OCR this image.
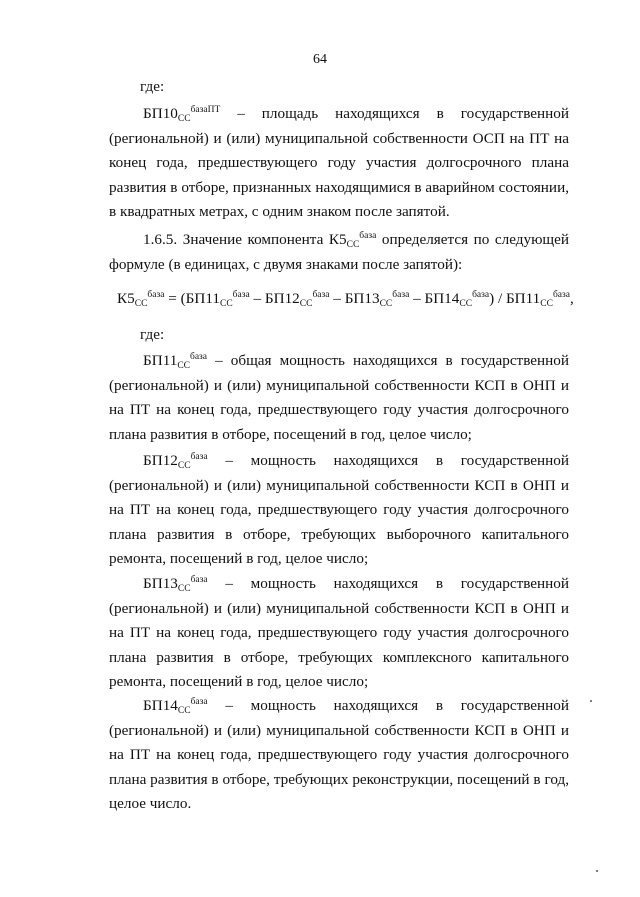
64
где:

$БП10_{СС}^{базаПТ}$ – площадь находящихся в государственной (региональной) и (или) муниципальной собственности ОСП на ПТ на конец года, предшествующего году участия долгосрочного плана развития в отборе, признанных находящимися в аварийном состоянии, в квадратных метрах, с одним знаком после запятой.

1.6.5. Значение компонента $К5_{СС}^{база}$ определяется по следующей формуле (в единицах, с двумя знаками после запятой):

$К5_{СС}^{база} = (БП11_{СС}^{база} - БП12_{СС}^{база} - БП13_{СС}^{база} - БП14_{СС}^{база}) / БП11_{СС}^{база}$,
где:

$БП11_{СС}^{база}$ – общая мощность находящихся в государственной (региональной) и (или) муниципальной собственности КСП в ОНП и на ПТ на конец года, предшествующего году участия долгосрочного плана развития в отборе, посещений в год, целое число;

$БП12_{СС}^{база}$ – мощность находящихся в государственной (региональной) и (или) муниципальной собственности КСП в ОНП и на ПТ на конец года, предшествующего году участия долгосрочного плана развития в отборе, требующих выборочного капитального ремонта, посещений в год, целое число;

$БП13_{СС}^{база}$ – мощность находящихся в государственной (региональной) и (или) муниципальной собственности КСП в ОНП и на ПТ на конец года, предшествующего году участия долгосрочного плана развития в отборе, требующих комплексного капитального ремонта, посещений в год, целое число;

$БП14_{СС}^{база}$ – мощность находящихся в государственной (региональной) и (или) муниципальной собственности КСП в ОНП и на ПТ на конец года, предшествующего году участия долгосрочного плана развития в отборе, требующих реконструкции, посещений в год, целое число.
